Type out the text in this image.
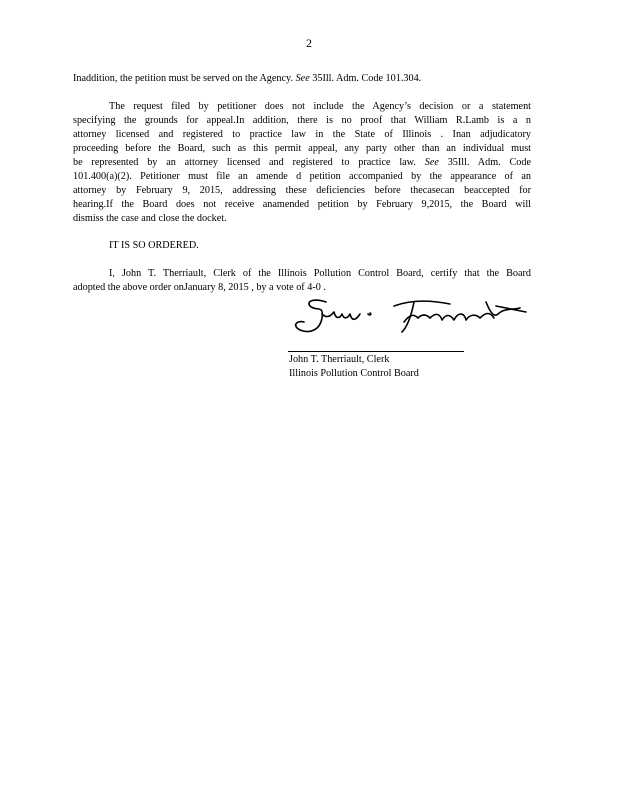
2
Inaddition, the petition must be served on the Agency. See 35Ill. Adm. Code 101.304.
The request filed by petitioner does not include the Agency’s decision or a statement
specifying the grounds for appeal.In addition, there is no proof that William R.Lamb is a n
attorney licensed and registered to practice law in the State of Illinois . Inan adjudicatory
proceeding before the Board, such as this permit appeal, any party other than an individual must
be represented by an attorney licensed and registered to practice law. See 35Ill. Adm. Code
101.400(a)(2). Petitioner must file an amende d petition accompanied by the appearance of an
attorney by February 9, 2015, addressing these deficiencies before thecasecan beaccepted for
hearing.If the Board does not receive anamended petition by February 9,2015, the Board will
dismiss the case and close the docket.
IT IS SO ORDERED.
I, John T. Therriault, Clerk of the Illinois Pollution Control Board, certify that the Board
adopted the above order onJanuary 8, 2015 , by a vote of 4-0 .
John T. Therriault, Clerk
Illinois Pollution Control Board
